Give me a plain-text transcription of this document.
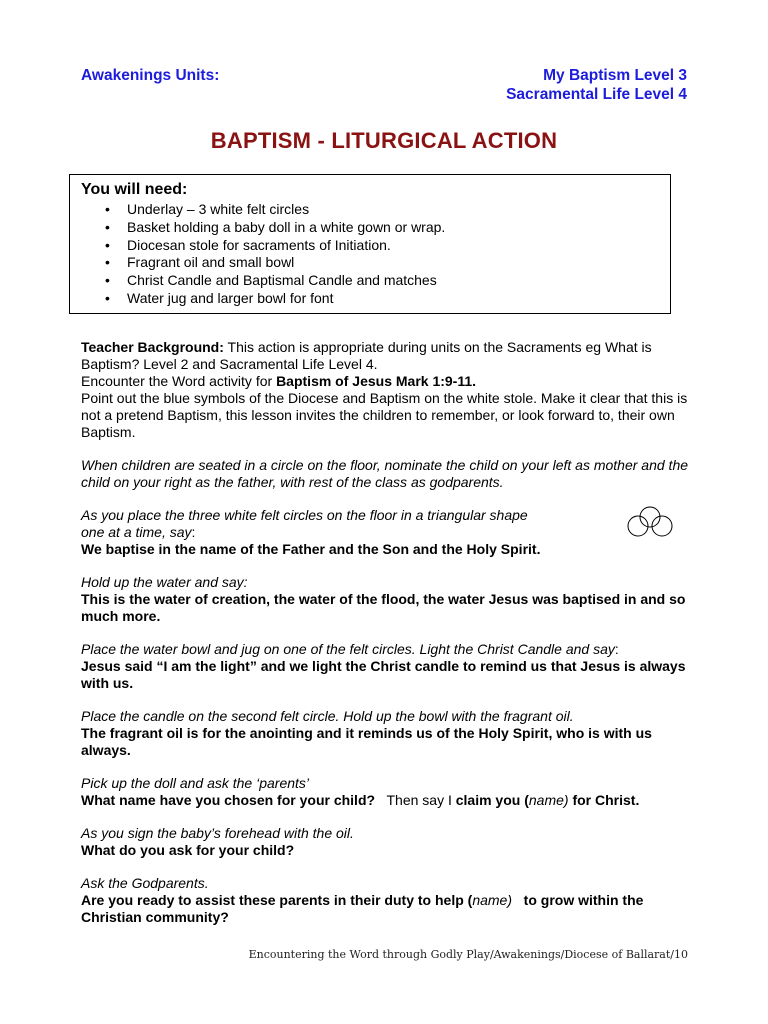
Awakenings Units:	My Baptism Level 3
Sacramental Life Level 4
BAPTISM - LITURGICAL ACTION
You will need:
• Underlay – 3 white felt circles
• Basket holding a baby doll in a white gown or wrap.
• Diocesan stole for sacraments of Initiation.
• Fragrant oil and small bowl
• Christ Candle and Baptismal Candle and matches
• Water jug and larger bowl for font

Teacher Background: This action is appropriate during units on the Sacraments eg What is Baptism? Level 2 and Sacramental Life Level 4.

Encounter the Word activity for Baptism of Jesus Mark 1:9-11.

Point out the blue symbols of the Diocese and Baptism on the white stole. Make it clear that this is not a pretend Baptism, this lesson invites the children to remember, or look forward to, their own Baptism.

When children are seated in a circle on the floor, nominate the child on your left as mother and the child on your right as the father, with rest of the class as godparents.

As you place the three white felt circles on the floor in a triangular shape

one at a time, say:

We baptise in the name of the Father and the Son and the Holy Spirit.

Hold up the water and say:

This is the water of creation, the water of the flood, the water Jesus was baptised in and so much more.

Place the water bowl and jug on one of the felt circles. Light the Christ Candle and say:

Jesus said “I am the light” and we light the Christ candle to remind us that Jesus is always with us.

Place the candle on the second felt circle. Hold up the bowl with the fragrant oil.

The fragrant oil is for the anointing and it reminds us of the Holy Spirit, who is with us always.

Pick up the doll and ask the ‘parents’

What name have you chosen for your child?   Then say I claim you (name) for Christ.

As you sign the baby’s forehead with the oil.

What do you ask for your child?

Ask the Godparents.

Are you ready to assist these parents in their duty to help (name)   to grow within the Christian community?

Encountering the Word through Godly Play/Awakenings/Diocese of Ballarat/10
